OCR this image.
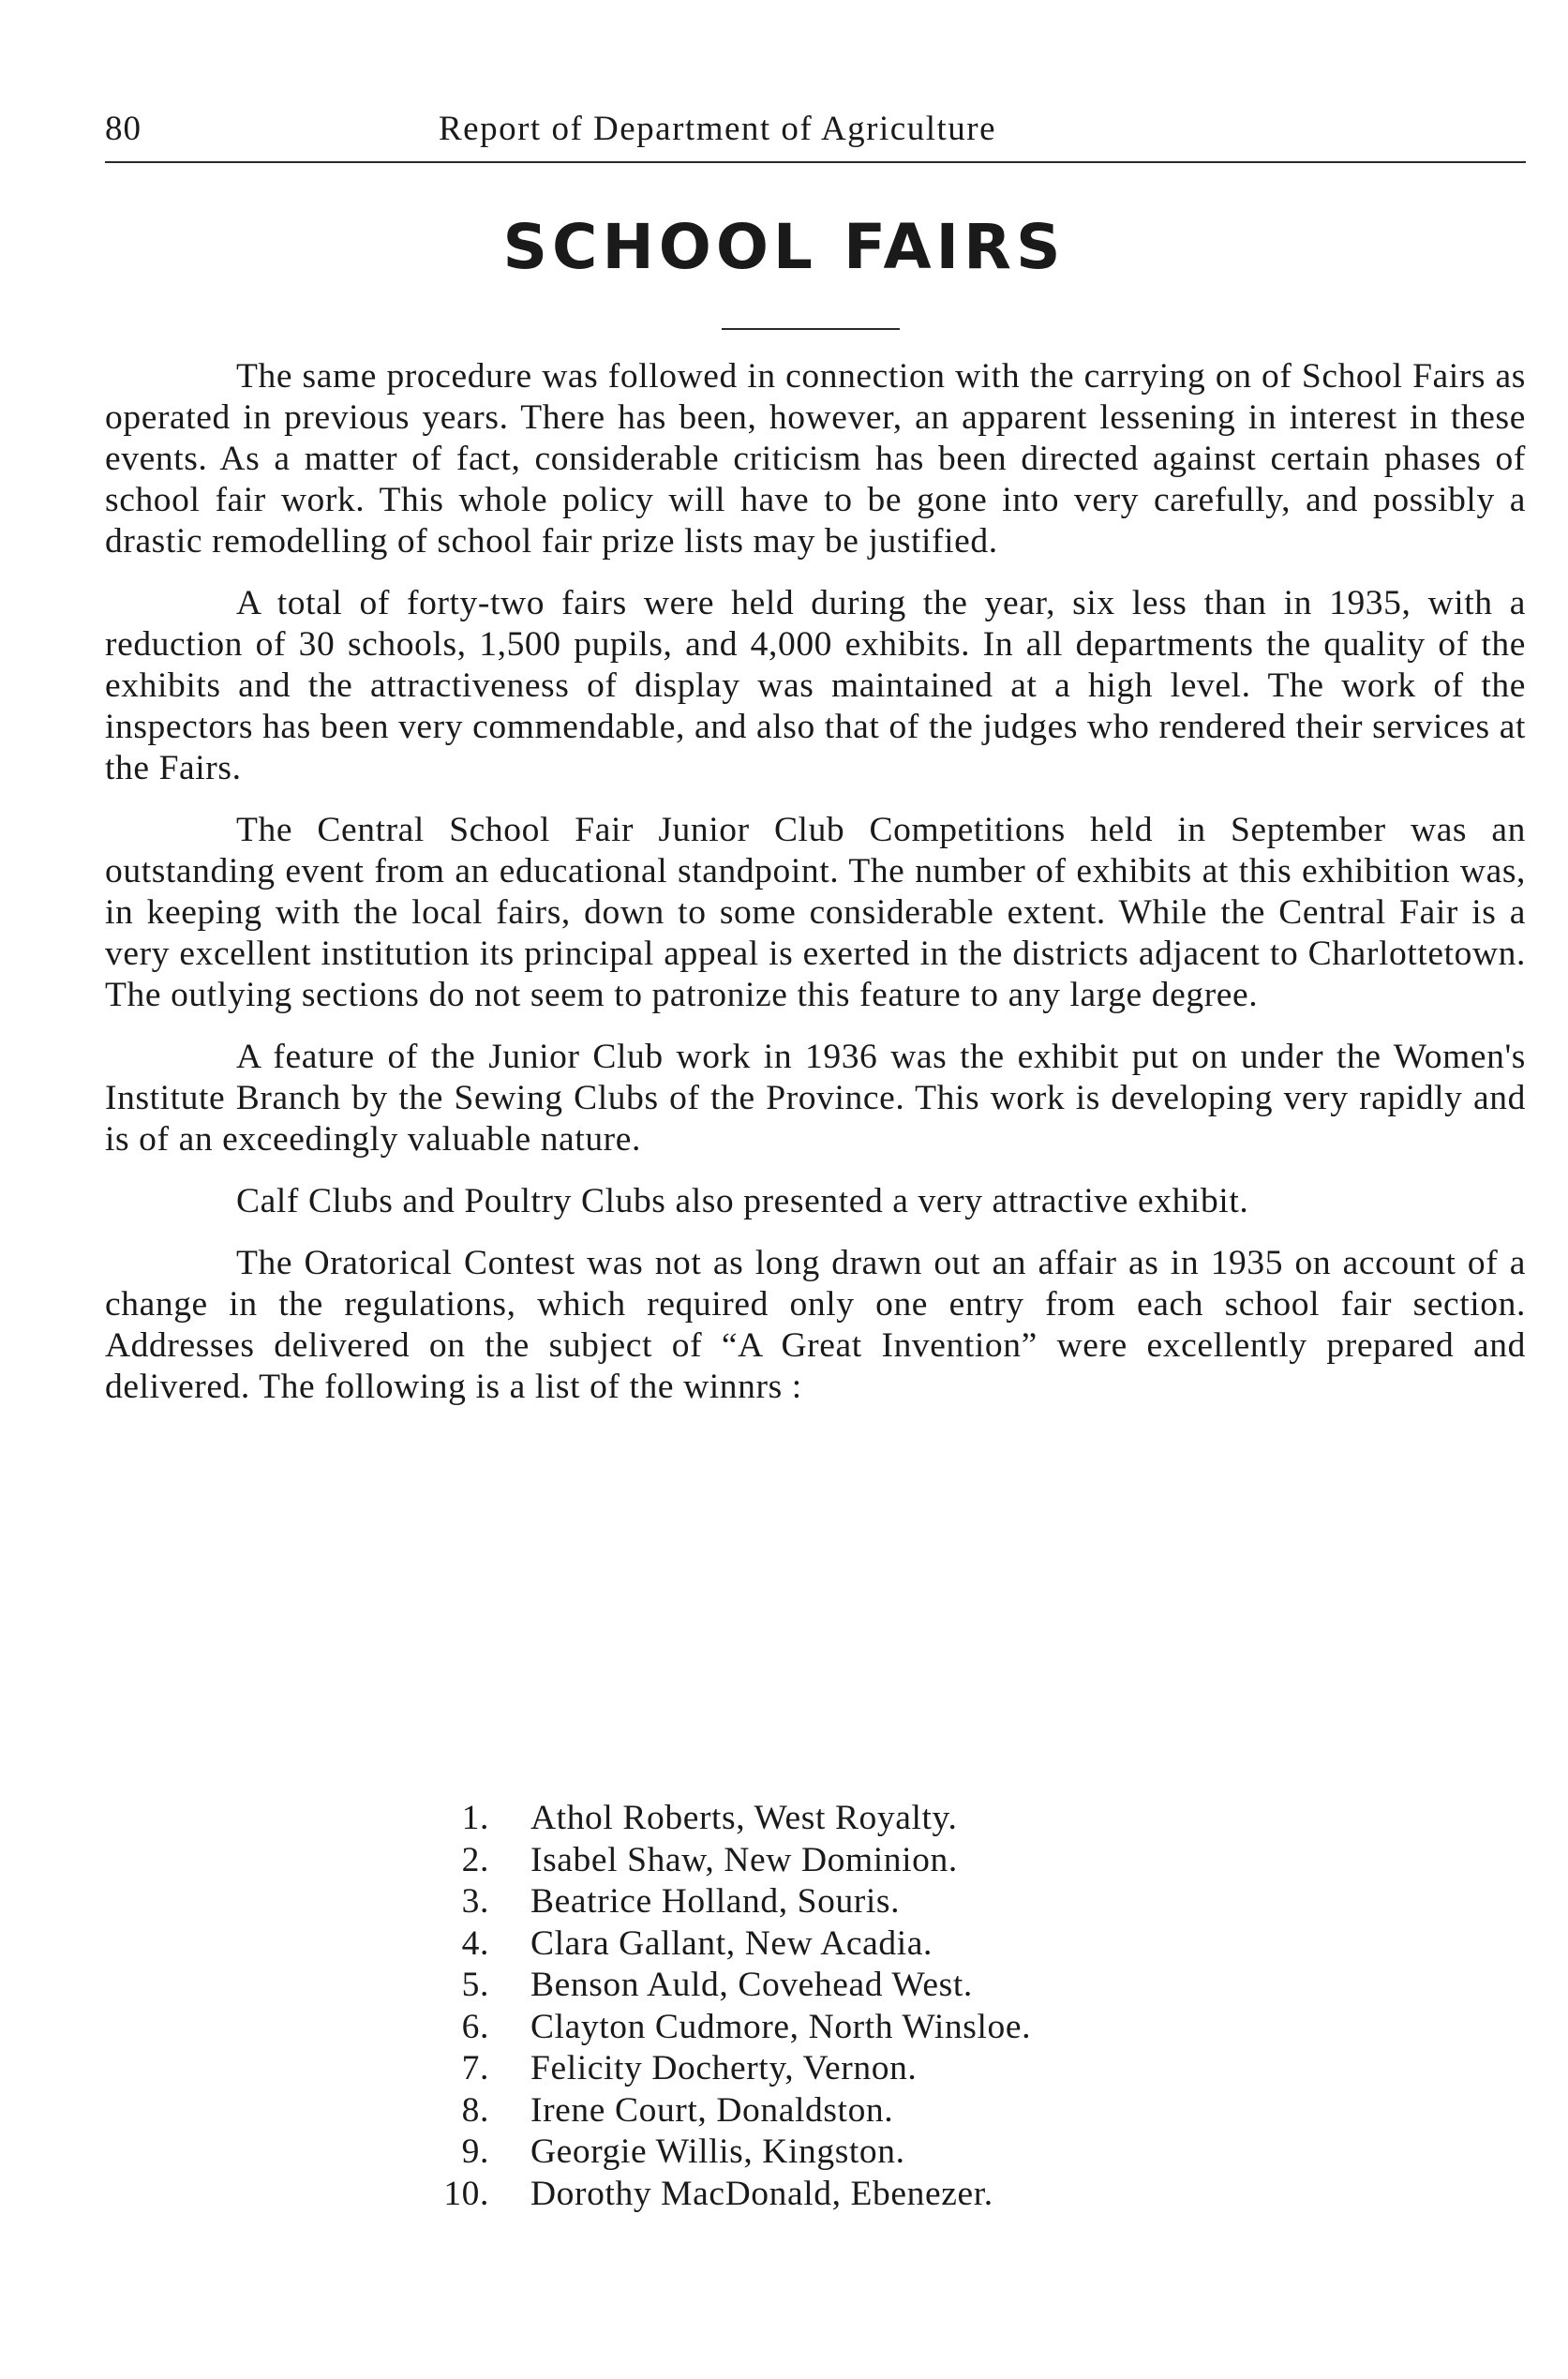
80	Report of Department of Agriculture
SCHOOL FAIRS

The same procedure was followed in connection with the carrying on of School Fairs as operated in previous years. There has been, however, an apparent lessening in interest in these events. As a matter of fact, considerable criticism has been directed against certain phases of school fair work. This whole policy will have to be gone into very carefully, and possibly a drastic remodelling of school fair prize lists may be justified.

A total of forty-two fairs were held during the year, six less than in 1935, with a reduction of 30 schools, 1,500 pupils, and 4,000 exhibits. In all departments the quality of the exhibits and the attractiveness of display was maintained at a high level. The work of the inspectors has been very commendable, and also that of the judges who rendered their services at the Fairs.

The Central School Fair Junior Club Competitions held in September was an outstanding event from an educational standpoint. The number of exhibits at this exhibition was, in keeping with the local fairs, down to some considerable extent. While the Central Fair is a very excellent institution its principal appeal is exerted in the districts adjacent to Charlottetown. The outlying sections do not seem to patronize this feature to any large degree.

A feature of the Junior Club work in 1936 was the exhibit put on under the Women's Institute Branch by the Sewing Clubs of the Province. This work is developing very rapidly and is of an exceedingly valuable nature.

Calf Clubs and Poultry Clubs also presented a very attractive exhibit.

The Oratorical Contest was not as long drawn out an affair as in 1935 on account of a change in the regulations, which required only one entry from each school fair section. Addresses delivered on the subject of “A Great Invention” were excellently prepared and delivered. The following is a list of the winnrs :

1.	Athol Roberts, West Royalty.
2.	Isabel Shaw, New Dominion.
3.	Beatrice Holland, Souris.
4.	Clara Gallant, New Acadia.
5.	Benson Auld, Covehead West.
6.	Clayton Cudmore, North Winsloe.
7.	Felicity Docherty, Vernon.
8.	Irene Court, Donaldston.
9.	Georgie Willis, Kingston.
10.	Dorothy MacDonald, Ebenezer.
